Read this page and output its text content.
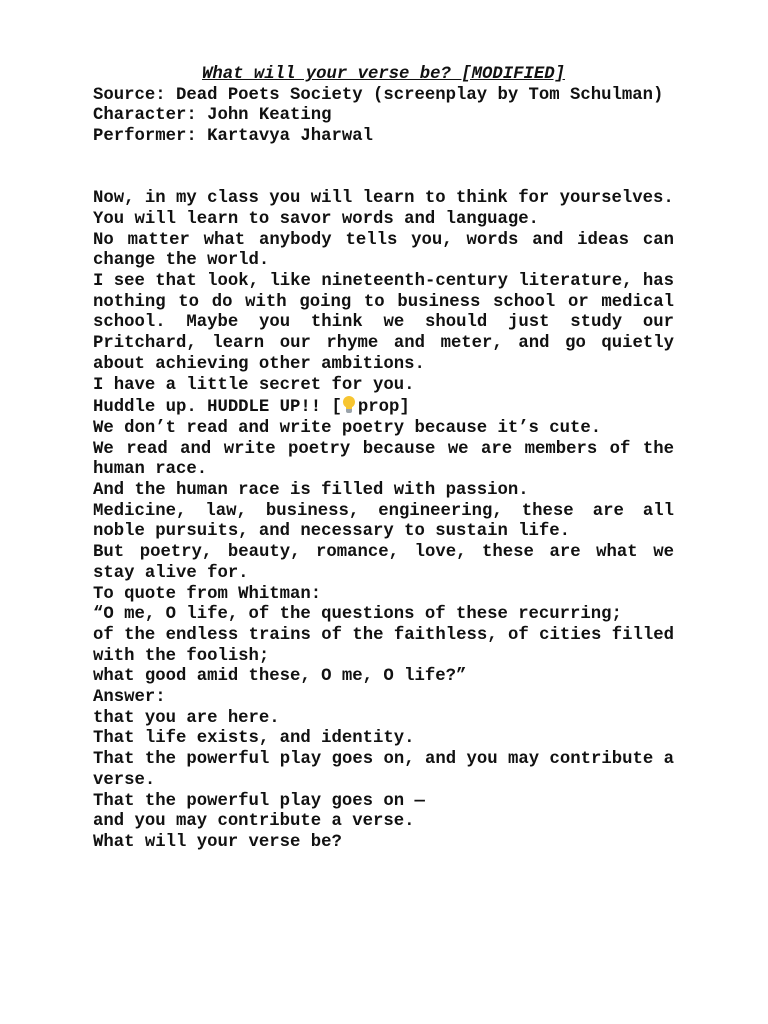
What will your verse be? [MODIFIED]

Source: Dead Poets Society (screenplay by Tom Schulman)

Character: John Keating

Performer: Kartavya Jharwal

Now, in my class you will learn to think for yourselves.

You will learn to savor words and language.

No matter what anybody tells you, words and ideas can change the world.

I see that look, like nineteenth‐century literature, has nothing to do with going to business school or medical school. Maybe you think we should just study our Pritchard, learn our rhyme and meter, and go quietly about achieving other ambitions.

I have a little secret for you.

Huddle up. HUDDLE UP!! [ prop]

We don’t read and write poetry because it’s cute.

We read and write poetry because we are members of the human race.

And the human race is filled with passion.

Medicine, law, business, engineering, these are all noble pursuits, and necessary to sustain life.

But poetry, beauty, romance, love, these are what we stay alive for.

To quote from Whitman:

“O me, O life, of the questions of these recurring;

of the endless trains of the faithless, of cities filled with the foolish;

what good amid these, O me, O life?”

Answer:

that you are here.

That life exists, and identity.

That the powerful play goes on, and you may contribute a verse.

That the powerful play goes on —

and you may contribute a verse.

What will your verse be?
